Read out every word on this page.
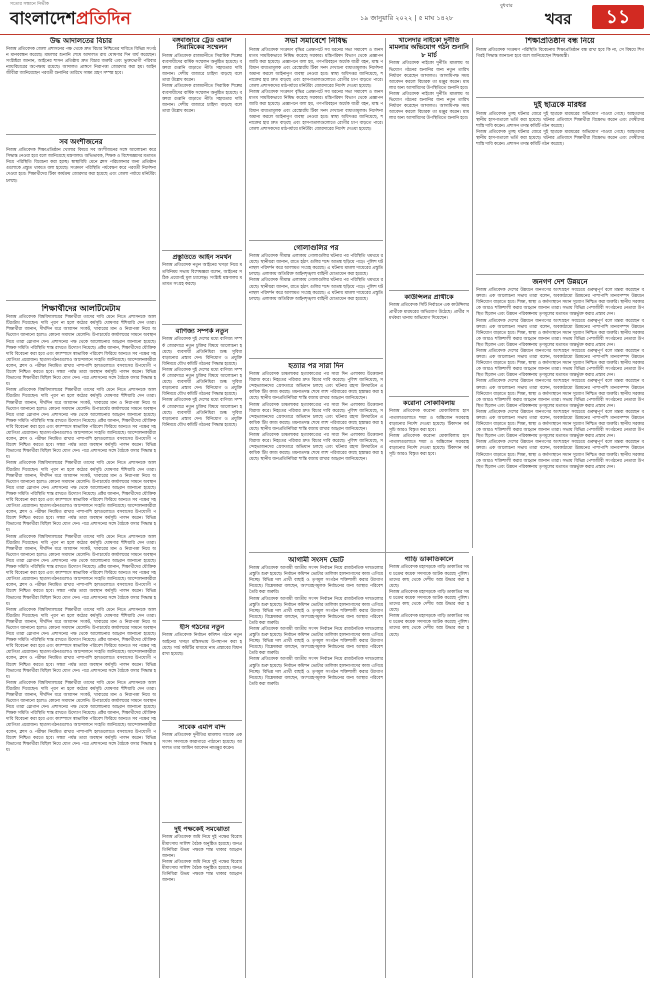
সত্যের সন্ধানে নির্ভীক
বাংলাদেশপ্রতিদিন
বুধবার
১৯ জানুয়ারি ২০২২ | ৫ মাঘ ১৪২৮	খবর	১১
উদ্ধ আদালতের বিচার
নিজস্ব প্রতিবেদক জেলা প্রশাসনের পক্ষ থেকে দ্রুত বিচার নিশ্চিতের দাবিতে বিভিন্ন সংগঠন মানববন্ধন করেছে। মামলার শুনানি শেষে আদালত রায় ঘোষণার দিন ধার্য করেছেন। সংশ্লিষ্টরা জানান, আইনের শাসন প্রতিষ্ঠায় দ্রুত বিচার জরুরি এবং ভুক্তভোগী পরিবার ন্যায়বিচারের অপেক্ষায় রয়েছে। আদালত প্রাঙ্গণে নিরাপত্তা জোরদার করা হয়। আইনজীবীরা জানিয়েছেন পরবর্তী শুনানির তারিখে সাক্ষ্য গ্রহণ সম্পন্ন হবে।
সব অংশীজনের
নিজস্ব প্রতিবেদক শিক্ষাপ্রতিষ্ঠান খোলার বিষয়ে সব অংশীজনের সঙ্গে আলোচনা করে সিদ্ধান্ত নেওয়া হবে বলে জানিয়েছে মন্ত্রণালয়। অভিভাবক, শিক্ষক ও বিশেষজ্ঞদের মতামত নিয়ে পরিস্থিতি বিবেচনা করা হচ্ছে। স্বাস্থ্যবিধি মেনে ক্লাস পরিচালনার জন্য প্রতিষ্ঠানগুলোকে প্রস্তুত থাকতে বলা হয়েছে। সংক্রমণ পরিস্থিতি পর্যবেক্ষণ করে পরবর্তী নির্দেশনা দেওয়া হবে। শিক্ষার্থীদের টিকা কার্যক্রম জোরদার করা হয়েছে এবং জেলা পর্যায়ে মনিটরিং চলছে।
শিক্ষার্থীদের আলটিমেটাম
নিজস্ব প্রতিবেদক বিশ্ববিদ্যালয়ের শিক্ষার্থীরা তাদের দাবি মেনে নিতে প্রশাসনকে আলটিমেটাম দিয়েছেন। দাবি পূরণ না হলে কঠোর কর্মসূচি ঘোষণার হুঁশিয়ারি দেন তারা। শিক্ষার্থীরা জানান, দীর্ঘদিন ধরে আবাসন সংকট, খাবারের মান ও নিরাপত্তা নিয়ে অভিযোগ জানানো হলেও কোনো সমাধান মেলেনি। উপাচার্যের কার্যালয়ের সামনে অবস্থান নিয়ে তারা স্লোগান দেন। প্রশাসনের পক্ষ থেকে আলোচনার আহ্বান জানানো হয়েছে। শিক্ষক সমিতি পরিস্থিতি শান্ত রাখতে উদ্যোগ নিয়েছে। প্রক্টর জানান, শিক্ষার্থীদের যৌক্তিক দাবি বিবেচনা করা হবে এবং ক্যাম্পাসে স্বাভাবিক পরিবেশ ফিরিয়ে আনতে সব পক্ষের সহযোগিতা প্রয়োজন। ছাত্রসংগঠনগুলোও আন্দোলনে সংহতি জানিয়েছে। আন্দোলনকারীরা বলেন, ক্লাস ও পরীক্ষা নিয়মিত রাখার পাশাপাশি হলগুলোতে বসবাসের উপযোগী পরিবেশ নিশ্চিত করতে হবে। সন্ধ্যা পর্যন্ত তারা অবস্থান কর্মসূচি পালন করেন। বিভিন্ন বিভাগের শিক্ষার্থীরা মিছিল নিয়ে যোগ দেন। পরে প্রশাসনের সঙ্গে বৈঠকে বসার সিদ্ধান্ত হয়।
নিজস্ব প্রতিবেদক বিশ্ববিদ্যালয়ের শিক্ষার্থীরা তাদের দাবি মেনে নিতে প্রশাসনকে আলটিমেটাম দিয়েছেন। দাবি পূরণ না হলে কঠোর কর্মসূচি ঘোষণার হুঁশিয়ারি দেন তারা। শিক্ষার্থীরা জানান, দীর্ঘদিন ধরে আবাসন সংকট, খাবারের মান ও নিরাপত্তা নিয়ে অভিযোগ জানানো হলেও কোনো সমাধান মেলেনি। উপাচার্যের কার্যালয়ের সামনে অবস্থান নিয়ে তারা স্লোগান দেন। প্রশাসনের পক্ষ থেকে আলোচনার আহ্বান জানানো হয়েছে। শিক্ষক সমিতি পরিস্থিতি শান্ত রাখতে উদ্যোগ নিয়েছে। প্রক্টর জানান, শিক্ষার্থীদের যৌক্তিক দাবি বিবেচনা করা হবে এবং ক্যাম্পাসে স্বাভাবিক পরিবেশ ফিরিয়ে আনতে সব পক্ষের সহযোগিতা প্রয়োজন। ছাত্রসংগঠনগুলোও আন্দোলনে সংহতি জানিয়েছে। আন্দোলনকারীরা বলেন, ক্লাস ও পরীক্ষা নিয়মিত রাখার পাশাপাশি হলগুলোতে বসবাসের উপযোগী পরিবেশ নিশ্চিত করতে হবে। সন্ধ্যা পর্যন্ত তারা অবস্থান কর্মসূচি পালন করেন। বিভিন্ন বিভাগের শিক্ষার্থীরা মিছিল নিয়ে যোগ দেন। পরে প্রশাসনের সঙ্গে বৈঠকে বসার সিদ্ধান্ত হয়।
নিজস্ব প্রতিবেদক বিশ্ববিদ্যালয়ের শিক্ষার্থীরা তাদের দাবি মেনে নিতে প্রশাসনকে আলটিমেটাম দিয়েছেন। দাবি পূরণ না হলে কঠোর কর্মসূচি ঘোষণার হুঁশিয়ারি দেন তারা। শিক্ষার্থীরা জানান, দীর্ঘদিন ধরে আবাসন সংকট, খাবারের মান ও নিরাপত্তা নিয়ে অভিযোগ জানানো হলেও কোনো সমাধান মেলেনি। উপাচার্যের কার্যালয়ের সামনে অবস্থান নিয়ে তারা স্লোগান দেন। প্রশাসনের পক্ষ থেকে আলোচনার আহ্বান জানানো হয়েছে। শিক্ষক সমিতি পরিস্থিতি শান্ত রাখতে উদ্যোগ নিয়েছে। প্রক্টর জানান, শিক্ষার্থীদের যৌক্তিক দাবি বিবেচনা করা হবে এবং ক্যাম্পাসে স্বাভাবিক পরিবেশ ফিরিয়ে আনতে সব পক্ষের সহযোগিতা প্রয়োজন। ছাত্রসংগঠনগুলোও আন্দোলনে সংহতি জানিয়েছে। আন্দোলনকারীরা বলেন, ক্লাস ও পরীক্ষা নিয়মিত রাখার পাশাপাশি হলগুলোতে বসবাসের উপযোগী পরিবেশ নিশ্চিত করতে হবে। সন্ধ্যা পর্যন্ত তারা অবস্থান কর্মসূচি পালন করেন। বিভিন্ন বিভাগের শিক্ষার্থীরা মিছিল নিয়ে যোগ দেন। পরে প্রশাসনের সঙ্গে বৈঠকে বসার সিদ্ধান্ত হয়।
নিজস্ব প্রতিবেদক বিশ্ববিদ্যালয়ের শিক্ষার্থীরা তাদের দাবি মেনে নিতে প্রশাসনকে আলটিমেটাম দিয়েছেন। দাবি পূরণ না হলে কঠোর কর্মসূচি ঘোষণার হুঁশিয়ারি দেন তারা। শিক্ষার্থীরা জানান, দীর্ঘদিন ধরে আবাসন সংকট, খাবারের মান ও নিরাপত্তা নিয়ে অভিযোগ জানানো হলেও কোনো সমাধান মেলেনি। উপাচার্যের কার্যালয়ের সামনে অবস্থান নিয়ে তারা স্লোগান দেন। প্রশাসনের পক্ষ থেকে আলোচনার আহ্বান জানানো হয়েছে। শিক্ষক সমিতি পরিস্থিতি শান্ত রাখতে উদ্যোগ নিয়েছে। প্রক্টর জানান, শিক্ষার্থীদের যৌক্তিক দাবি বিবেচনা করা হবে এবং ক্যাম্পাসে স্বাভাবিক পরিবেশ ফিরিয়ে আনতে সব পক্ষের সহযোগিতা প্রয়োজন। ছাত্রসংগঠনগুলোও আন্দোলনে সংহতি জানিয়েছে। আন্দোলনকারীরা বলেন, ক্লাস ও পরীক্ষা নিয়মিত রাখার পাশাপাশি হলগুলোতে বসবাসের উপযোগী পরিবেশ নিশ্চিত করতে হবে। সন্ধ্যা পর্যন্ত তারা অবস্থান কর্মসূচি পালন করেন। বিভিন্ন বিভাগের শিক্ষার্থীরা মিছিল নিয়ে যোগ দেন। পরে প্রশাসনের সঙ্গে বৈঠকে বসার সিদ্ধান্ত হয়।
নিজস্ব প্রতিবেদক বিশ্ববিদ্যালয়ের শিক্ষার্থীরা তাদের দাবি মেনে নিতে প্রশাসনকে আলটিমেটাম দিয়েছেন। দাবি পূরণ না হলে কঠোর কর্মসূচি ঘোষণার হুঁশিয়ারি দেন তারা। শিক্ষার্থীরা জানান, দীর্ঘদিন ধরে আবাসন সংকট, খাবারের মান ও নিরাপত্তা নিয়ে অভিযোগ জানানো হলেও কোনো সমাধান মেলেনি। উপাচার্যের কার্যালয়ের সামনে অবস্থান নিয়ে তারা স্লোগান দেন। প্রশাসনের পক্ষ থেকে আলোচনার আহ্বান জানানো হয়েছে। শিক্ষক সমিতি পরিস্থিতি শান্ত রাখতে উদ্যোগ নিয়েছে। প্রক্টর জানান, শিক্ষার্থীদের যৌক্তিক দাবি বিবেচনা করা হবে এবং ক্যাম্পাসে স্বাভাবিক পরিবেশ ফিরিয়ে আনতে সব পক্ষের সহযোগিতা প্রয়োজন। ছাত্রসংগঠনগুলোও আন্দোলনে সংহতি জানিয়েছে। আন্দোলনকারীরা বলেন, ক্লাস ও পরীক্ষা নিয়মিত রাখার পাশাপাশি হলগুলোতে বসবাসের উপযোগী পরিবেশ নিশ্চিত করতে হবে। সন্ধ্যা পর্যন্ত তারা অবস্থান কর্মসূচি পালন করেন। বিভিন্ন বিভাগের শিক্ষার্থীরা মিছিল নিয়ে যোগ দেন। পরে প্রশাসনের সঙ্গে বৈঠকে বসার সিদ্ধান্ত হয়।
নিজস্ব প্রতিবেদক বিশ্ববিদ্যালয়ের শিক্ষার্থীরা তাদের দাবি মেনে নিতে প্রশাসনকে আলটিমেটাম দিয়েছেন। দাবি পূরণ না হলে কঠোর কর্মসূচি ঘোষণার হুঁশিয়ারি দেন তারা। শিক্ষার্থীরা জানান, দীর্ঘদিন ধরে আবাসন সংকট, খাবারের মান ও নিরাপত্তা নিয়ে অভিযোগ জানানো হলেও কোনো সমাধান মেলেনি। উপাচার্যের কার্যালয়ের সামনে অবস্থান নিয়ে তারা স্লোগান দেন। প্রশাসনের পক্ষ থেকে আলোচনার আহ্বান জানানো হয়েছে। শিক্ষক সমিতি পরিস্থিতি শান্ত রাখতে উদ্যোগ নিয়েছে। প্রক্টর জানান, শিক্ষার্থীদের যৌক্তিক দাবি বিবেচনা করা হবে এবং ক্যাম্পাসে স্বাভাবিক পরিবেশ ফিরিয়ে আনতে সব পক্ষের সহযোগিতা প্রয়োজন। ছাত্রসংগঠনগুলোও আন্দোলনে সংহতি জানিয়েছে। আন্দোলনকারীরা বলেন, ক্লাস ও পরীক্ষা নিয়মিত রাখার পাশাপাশি হলগুলোতে বসবাসের উপযোগী পরিবেশ নিশ্চিত করতে হবে। সন্ধ্যা পর্যন্ত তারা অবস্থান কর্মসূচি পালন করেন। বিভিন্ন বিভাগের শিক্ষার্থীরা মিছিল নিয়ে যোগ দেন। পরে প্রশাসনের সঙ্গে বৈঠকে বসার সিদ্ধান্ত হয়।
বঙ্গবাজারে ট্রেড ওয়াল সিরামিকের সম্মেলন
নিজস্ব প্রতিবেদক রাজধানীতে সিরামিক শিল্পের ব্যবসায়ীদের বার্ষিক সম্মেলন অনুষ্ঠিত হয়েছে। বক্তারা রপ্তানি বাড়াতে নীতি সহায়তার দাবি জানান। দেশীয় বাজারে চাহিদা বাড়ছে বলে তারা উল্লেখ করেন।
নিজস্ব প্রতিবেদক রাজধানীতে সিরামিক শিল্পের ব্যবসায়ীদের বার্ষিক সম্মেলন অনুষ্ঠিত হয়েছে। বক্তারা রপ্তানি বাড়াতে নীতি সহায়তার দাবি জানান। দেশীয় বাজারে চাহিদা বাড়ছে বলে তারা উল্লেখ করেন।
প্রস্তুতিতে আইন সমর্থন
নিজস্ব প্রতিবেদক নতুন আইনের খসড়া নিয়ে মতবিনিময় সভায় বিশেষজ্ঞরা বলেন, আইনের সঠিক প্রয়োগই মূল চ্যালেঞ্জ। সংশ্লিষ্ট মন্ত্রণালয় মতামত সংগ্রহ করছে।
বাণিজ্য সম্পর্ক নতুন
নিজস্ব প্রতিবেদক দুই দেশের মধ্যে বাণিজ্য সম্পর্ক জোরদারে নতুন চুক্তির বিষয়ে আলোচনা হয়েছে। ব্যবসায়ী প্রতিনিধিরা শুল্ক সুবিধা বাড়ানোর প্রস্তাব দেন। বিনিয়োগ ও প্রযুক্তি বিনিময়ে যৌথ কমিটি গঠনের সিদ্ধান্ত হয়েছে।
নিজস্ব প্রতিবেদক দুই দেশের মধ্যে বাণিজ্য সম্পর্ক জোরদারে নতুন চুক্তির বিষয়ে আলোচনা হয়েছে। ব্যবসায়ী প্রতিনিধিরা শুল্ক সুবিধা বাড়ানোর প্রস্তাব দেন। বিনিয়োগ ও প্রযুক্তি বিনিময়ে যৌথ কমিটি গঠনের সিদ্ধান্ত হয়েছে।
নিজস্ব প্রতিবেদক দুই দেশের মধ্যে বাণিজ্য সম্পর্ক জোরদারে নতুন চুক্তির বিষয়ে আলোচনা হয়েছে। ব্যবসায়ী প্রতিনিধিরা শুল্ক সুবিধা বাড়ানোর প্রস্তাব দেন। বিনিয়োগ ও প্রযুক্তি বিনিময়ে যৌথ কমিটি গঠনের সিদ্ধান্ত হয়েছে।
সভা সমাবেশে নিষিদ্ধ
নিজস্ব প্রতিবেদক সংক্রমণ বৃদ্ধির প্রেক্ষাপটে সব ধরনের সভা সমাবেশ ও জনসমাগম সাময়িকভাবে নিষিদ্ধ করেছে সরকার। মন্ত্রিপরিষদ বিভাগ থেকে প্রজ্ঞাপন জারি করা হয়েছে। প্রজ্ঞাপনে বলা হয়, গণপরিবহনে অর্ধেক যাত্রী বহন, মাস্ক পরিধান বাধ্যতামূলক এবং রেস্তোরাঁয় টিকা সনদ দেখানো বাধ্যতামূলক। নির্দেশনা অমান্য করলে আইনানুগ ব্যবস্থা নেওয়া হবে। স্বাস্থ্য অধিদপ্তর জানিয়েছে, শনাক্তের হার দ্রুত বাড়ছে এবং হাসপাতালগুলোতে রোগীর চাপ বাড়তে পারে। জেলা প্রশাসকদের মাঠপর্যায়ে মনিটরিং জোরদারের নির্দেশ দেওয়া হয়েছে।
নিজস্ব প্রতিবেদক সংক্রমণ বৃদ্ধির প্রেক্ষাপটে সব ধরনের সভা সমাবেশ ও জনসমাগম সাময়িকভাবে নিষিদ্ধ করেছে সরকার। মন্ত্রিপরিষদ বিভাগ থেকে প্রজ্ঞাপন জারি করা হয়েছে। প্রজ্ঞাপনে বলা হয়, গণপরিবহনে অর্ধেক যাত্রী বহন, মাস্ক পরিধান বাধ্যতামূলক এবং রেস্তোরাঁয় টিকা সনদ দেখানো বাধ্যতামূলক। নির্দেশনা অমান্য করলে আইনানুগ ব্যবস্থা নেওয়া হবে। স্বাস্থ্য অধিদপ্তর জানিয়েছে, শনাক্তের হার দ্রুত বাড়ছে এবং হাসপাতালগুলোতে রোগীর চাপ বাড়তে পারে। জেলা প্রশাসকদের মাঠপর্যায়ে মনিটরিং জোরদারের নির্দেশ দেওয়া হয়েছে।
গোলাগুলির পর
নিজস্ব প্রতিবেদক সীমান্ত এলাকায় গোলাগুলির ঘটনার পর পরিস্থিতি থমথমে রয়েছে। স্থানীয়রা জানান, রাতে হঠাৎ গুলির শব্দে আতঙ্ক ছড়িয়ে পড়ে। পুলিশ ঘটনাস্থল পরিদর্শন করে আলামত সংগ্রহ করেছে। এ ঘটনায় মামলা দায়েরের প্রস্তুতি চলছে। এলাকায় অতিরিক্ত আইনশৃঙ্খলা বাহিনী মোতায়েন করা হয়েছে।
নিজস্ব প্রতিবেদক সীমান্ত এলাকায় গোলাগুলির ঘটনার পর পরিস্থিতি থমথমে রয়েছে। স্থানীয়রা জানান, রাতে হঠাৎ গুলির শব্দে আতঙ্ক ছড়িয়ে পড়ে। পুলিশ ঘটনাস্থল পরিদর্শন করে আলামত সংগ্রহ করেছে। এ ঘটনায় মামলা দায়েরের প্রস্তুতি চলছে। এলাকায় অতিরিক্ত আইনশৃঙ্খলা বাহিনী মোতায়েন করা হয়েছে।
হত্যার পর সারা দিন
নিজস্ব প্রতিবেদক চাঞ্চল্যকর হত্যাকাণ্ডের পর সারা দিন এলাকায় উত্তেজনা বিরাজ করে। নিহতের পরিবার দ্রুত বিচার দাবি করেছে। পুলিশ জানিয়েছে, সন্দেহভাজনদের গ্রেফতারে অভিযান চলছে এবং ঘটনার রহস্য উদঘাটনে একাধিক টিম কাজ করছে। ময়নাতদন্ত শেষে লাশ পরিবারের কাছে হস্তান্তর করা হয়েছে। স্থানীয় জনপ্রতিনিধিরা শান্তি বজায় রাখার আহ্বান জানিয়েছেন।
নিজস্ব প্রতিবেদক চাঞ্চল্যকর হত্যাকাণ্ডের পর সারা দিন এলাকায় উত্তেজনা বিরাজ করে। নিহতের পরিবার দ্রুত বিচার দাবি করেছে। পুলিশ জানিয়েছে, সন্দেহভাজনদের গ্রেফতারে অভিযান চলছে এবং ঘটনার রহস্য উদঘাটনে একাধিক টিম কাজ করছে। ময়নাতদন্ত শেষে লাশ পরিবারের কাছে হস্তান্তর করা হয়েছে। স্থানীয় জনপ্রতিনিধিরা শান্তি বজায় রাখার আহ্বান জানিয়েছেন।
নিজস্ব প্রতিবেদক চাঞ্চল্যকর হত্যাকাণ্ডের পর সারা দিন এলাকায় উত্তেজনা বিরাজ করে। নিহতের পরিবার দ্রুত বিচার দাবি করেছে। পুলিশ জানিয়েছে, সন্দেহভাজনদের গ্রেফতারে অভিযান চলছে এবং ঘটনার রহস্য উদঘাটনে একাধিক টিম কাজ করছে। ময়নাতদন্ত শেষে লাশ পরিবারের কাছে হস্তান্তর করা হয়েছে। স্থানীয় জনপ্রতিনিধিরা শান্তি বজায় রাখার আহ্বান জানিয়েছেন।
ইসি গঠনের নতুন
নিজস্ব প্রতিবেদক নির্বাচন কমিশন গঠনে নতুন আইনের খসড়া মন্ত্রিসভায় উপস্থাপন করা হয়েছে। সার্চ কমিটির মাধ্যমে নাম প্রস্তাবের বিধান রাখা হয়েছে।
সাবেক এমপি বন্দি
নিজস্ব প্রতিবেদক দুর্নীতির মামলায় সাবেক এক সংসদ সদস্যকে কারাগারে পাঠানো হয়েছে। আদালত তার জামিন আবেদন নামঞ্জুর করেন।
দুই পক্ষকেই সমঝোতা
নিজস্ব প্রতিবেদক জমি নিয়ে দুই পক্ষের বিরোধ মীমাংসায় সালিশ বৈঠক অনুষ্ঠিত হয়েছে। জনপ্রতিনিধিরা উভয় পক্ষকে শান্ত থাকার আহ্বান জানান।
নিজস্ব প্রতিবেদক জমি নিয়ে দুই পক্ষের বিরোধ মীমাংসায় সালিশ বৈঠক অনুষ্ঠিত হয়েছে। জনপ্রতিনিধিরা উভয় পক্ষকে শান্ত থাকার আহ্বান জানান।
আগামী সংসদ ভোট
নিজস্ব প্রতিবেদক আগামী জাতীয় সংসদ নির্বাচন নিয়ে রাজনৈতিক দলগুলোর প্রস্তুতি শুরু হয়েছে। নির্বাচন কমিশন ভোটার তালিকা হালনাগাদের কাজ এগিয়ে নিচ্ছে। বিভিন্ন দল প্রার্থী বাছাই ও তৃণমূল সংগঠন শক্তিশালী করার উদ্যোগ নিয়েছে। বিশ্লেষকরা বলছেন, অংশগ্রহণমূলক নির্বাচনের জন্য আস্থার পরিবেশ তৈরি করা জরুরি।
নিজস্ব প্রতিবেদক আগামী জাতীয় সংসদ নির্বাচন নিয়ে রাজনৈতিক দলগুলোর প্রস্তুতি শুরু হয়েছে। নির্বাচন কমিশন ভোটার তালিকা হালনাগাদের কাজ এগিয়ে নিচ্ছে। বিভিন্ন দল প্রার্থী বাছাই ও তৃণমূল সংগঠন শক্তিশালী করার উদ্যোগ নিয়েছে। বিশ্লেষকরা বলছেন, অংশগ্রহণমূলক নির্বাচনের জন্য আস্থার পরিবেশ তৈরি করা জরুরি।
নিজস্ব প্রতিবেদক আগামী জাতীয় সংসদ নির্বাচন নিয়ে রাজনৈতিক দলগুলোর প্রস্তুতি শুরু হয়েছে। নির্বাচন কমিশন ভোটার তালিকা হালনাগাদের কাজ এগিয়ে নিচ্ছে। বিভিন্ন দল প্রার্থী বাছাই ও তৃণমূল সংগঠন শক্তিশালী করার উদ্যোগ নিয়েছে। বিশ্লেষকরা বলছেন, অংশগ্রহণমূলক নির্বাচনের জন্য আস্থার পরিবেশ তৈরি করা জরুরি।
নিজস্ব প্রতিবেদক আগামী জাতীয় সংসদ নির্বাচন নিয়ে রাজনৈতিক দলগুলোর প্রস্তুতি শুরু হয়েছে। নির্বাচন কমিশন ভোটার তালিকা হালনাগাদের কাজ এগিয়ে নিচ্ছে। বিভিন্ন দল প্রার্থী বাছাই ও তৃণমূল সংগঠন শক্তিশালী করার উদ্যোগ নিয়েছে। বিশ্লেষকরা বলছেন, অংশগ্রহণমূলক নির্বাচনের জন্য আস্থার পরিবেশ তৈরি করা জরুরি।
খালেদার নাইকো দুর্নীতি মামলার অভিযোগ গঠন শুনানি ৮ মার্চ
নিজস্ব প্রতিবেদক নাইকো দুর্নীতি মামলায় অভিযোগ গঠনের শুনানির জন্য নতুন তারিখ নির্ধারণ করেছেন আদালত। আসামিপক্ষ সময় আবেদন করলে বিচারক তা মঞ্জুর করেন। মামলার অন্য আসামিদের উপস্থিতিতে শুনানি হবে।
নিজস্ব প্রতিবেদক নাইকো দুর্নীতি মামলায় অভিযোগ গঠনের শুনানির জন্য নতুন তারিখ নির্ধারণ করেছেন আদালত। আসামিপক্ষ সময় আবেদন করলে বিচারক তা মঞ্জুর করেন। মামলার অন্য আসামিদের উপস্থিতিতে শুনানি হবে।
কাউন্সিলর প্রার্থীকে
নিজস্ব প্রতিবেদক সিটি নির্বাচনে এক কাউন্সিলর প্রার্থীকে মারধরের অভিযোগ উঠেছে। প্রার্থীর সমর্থকরা থানায় অভিযোগ দিয়েছেন।
করোনা সোকাবিলায়
নিজস্ব প্রতিবেদক করোনা মোকাবিলায় হাসপাতালগুলোতে শয্যা ও অক্সিজেন সরবরাহ বাড়ানোর নির্দেশ দেওয়া হয়েছে। টিকাদান কর্মসূচি আরও বিস্তৃত করা হবে।
নিজস্ব প্রতিবেদক করোনা মোকাবিলায় হাসপাতালগুলোতে শয্যা ও অক্সিজেন সরবরাহ বাড়ানোর নির্দেশ দেওয়া হয়েছে। টিকাদান কর্মসূচি আরও বিস্তৃত করা হবে।
গাড়ি ডাকাতিকালে
নিজস্ব প্রতিবেদক মহাসড়কে গাড়ি ডাকাতির সময় চক্রের কয়েক সদস্যকে আটক করেছে পুলিশ। তাদের কাছ থেকে দেশীয় অস্ত্র উদ্ধার করা হয়েছে।
নিজস্ব প্রতিবেদক মহাসড়কে গাড়ি ডাকাতির সময় চক্রের কয়েক সদস্যকে আটক করেছে পুলিশ। তাদের কাছ থেকে দেশীয় অস্ত্র উদ্ধার করা হয়েছে।
নিজস্ব প্রতিবেদক মহাসড়কে গাড়ি ডাকাতির সময় চক্রের কয়েক সদস্যকে আটক করেছে পুলিশ। তাদের কাছ থেকে দেশীয় অস্ত্র উদ্ধার করা হয়েছে।
শিক্ষাপ্রতিষ্ঠান বন্ধ নিয়ে
নিজস্ব প্রতিবেদক সংক্রমণ পরিস্থিতি বিবেচনায় শিক্ষাপ্রতিষ্ঠান বন্ধ রাখা হবে কি না, সে বিষয়ে শিগগিরই সিদ্ধান্ত জানানো হবে বলে জানিয়েছেন শিক্ষামন্ত্রী।
দুই ছাত্রকে মারধর
নিজস্ব প্রতিবেদক তুচ্ছ ঘটনার জেরে দুই ছাত্রকে মারধরের অভিযোগ পাওয়া গেছে। আহতদের স্থানীয় হাসপাতালে ভর্তি করা হয়েছে। ঘটনার প্রতিবাদে শিক্ষার্থীরা বিক্ষোভ করেন এবং দোষীদের শাস্তি দাবি করেন। প্রশাসন তদন্ত কমিটি গঠন করেছে।
নিজস্ব প্রতিবেদক তুচ্ছ ঘটনার জেরে দুই ছাত্রকে মারধরের অভিযোগ পাওয়া গেছে। আহতদের স্থানীয় হাসপাতালে ভর্তি করা হয়েছে। ঘটনার প্রতিবাদে শিক্ষার্থীরা বিক্ষোভ করেন এবং দোষীদের শাস্তি দাবি করেন। প্রশাসন তদন্ত কমিটি গঠন করেছে।
জনগণ দেশ উন্নয়নে
নিজস্ব প্রতিবেদক দেশের উন্নয়নে জনগণের অংশগ্রহণ সবচেয়ে গুরুত্বপূর্ণ বলে মন্তব্য করেছেন বক্তারা। এক আলোচনা সভায় তারা বলেন, অবকাঠামো উন্নয়নের পাশাপাশি মানবসম্পদ উন্নয়নে বিনিয়োগ বাড়াতে হবে। শিক্ষা, স্বাস্থ্য ও কর্মসংস্থানে সমান সুযোগ নিশ্চিত করা জরুরি। স্থানীয় সরকারকে আরও শক্তিশালী করার আহ্বান জানান তারা। সভায় বিভিন্ন পেশাজীবী সংগঠনের নেতারা উপস্থিত ছিলেন এবং উন্নয়ন পরিকল্পনায় তৃণমূলের মতামত অন্তর্ভুক্ত করার প্রস্তাব দেন।
নিজস্ব প্রতিবেদক দেশের উন্নয়নে জনগণের অংশগ্রহণ সবচেয়ে গুরুত্বপূর্ণ বলে মন্তব্য করেছেন বক্তারা। এক আলোচনা সভায় তারা বলেন, অবকাঠামো উন্নয়নের পাশাপাশি মানবসম্পদ উন্নয়নে বিনিয়োগ বাড়াতে হবে। শিক্ষা, স্বাস্থ্য ও কর্মসংস্থানে সমান সুযোগ নিশ্চিত করা জরুরি। স্থানীয় সরকারকে আরও শক্তিশালী করার আহ্বান জানান তারা। সভায় বিভিন্ন পেশাজীবী সংগঠনের নেতারা উপস্থিত ছিলেন এবং উন্নয়ন পরিকল্পনায় তৃণমূলের মতামত অন্তর্ভুক্ত করার প্রস্তাব দেন।
নিজস্ব প্রতিবেদক দেশের উন্নয়নে জনগণের অংশগ্রহণ সবচেয়ে গুরুত্বপূর্ণ বলে মন্তব্য করেছেন বক্তারা। এক আলোচনা সভায় তারা বলেন, অবকাঠামো উন্নয়নের পাশাপাশি মানবসম্পদ উন্নয়নে বিনিয়োগ বাড়াতে হবে। শিক্ষা, স্বাস্থ্য ও কর্মসংস্থানে সমান সুযোগ নিশ্চিত করা জরুরি। স্থানীয় সরকারকে আরও শক্তিশালী করার আহ্বান জানান তারা। সভায় বিভিন্ন পেশাজীবী সংগঠনের নেতারা উপস্থিত ছিলেন এবং উন্নয়ন পরিকল্পনায় তৃণমূলের মতামত অন্তর্ভুক্ত করার প্রস্তাব দেন।
নিজস্ব প্রতিবেদক দেশের উন্নয়নে জনগণের অংশগ্রহণ সবচেয়ে গুরুত্বপূর্ণ বলে মন্তব্য করেছেন বক্তারা। এক আলোচনা সভায় তারা বলেন, অবকাঠামো উন্নয়নের পাশাপাশি মানবসম্পদ উন্নয়নে বিনিয়োগ বাড়াতে হবে। শিক্ষা, স্বাস্থ্য ও কর্মসংস্থানে সমান সুযোগ নিশ্চিত করা জরুরি। স্থানীয় সরকারকে আরও শক্তিশালী করার আহ্বান জানান তারা। সভায় বিভিন্ন পেশাজীবী সংগঠনের নেতারা উপস্থিত ছিলেন এবং উন্নয়ন পরিকল্পনায় তৃণমূলের মতামত অন্তর্ভুক্ত করার প্রস্তাব দেন।
নিজস্ব প্রতিবেদক দেশের উন্নয়নে জনগণের অংশগ্রহণ সবচেয়ে গুরুত্বপূর্ণ বলে মন্তব্য করেছেন বক্তারা। এক আলোচনা সভায় তারা বলেন, অবকাঠামো উন্নয়নের পাশাপাশি মানবসম্পদ উন্নয়নে বিনিয়োগ বাড়াতে হবে। শিক্ষা, স্বাস্থ্য ও কর্মসংস্থানে সমান সুযোগ নিশ্চিত করা জরুরি। স্থানীয় সরকারকে আরও শক্তিশালী করার আহ্বান জানান তারা। সভায় বিভিন্ন পেশাজীবী সংগঠনের নেতারা উপস্থিত ছিলেন এবং উন্নয়ন পরিকল্পনায় তৃণমূলের মতামত অন্তর্ভুক্ত করার প্রস্তাব দেন।
নিজস্ব প্রতিবেদক দেশের উন্নয়নে জনগণের অংশগ্রহণ সবচেয়ে গুরুত্বপূর্ণ বলে মন্তব্য করেছেন বক্তারা। এক আলোচনা সভায় তারা বলেন, অবকাঠামো উন্নয়নের পাশাপাশি মানবসম্পদ উন্নয়নে বিনিয়োগ বাড়াতে হবে। শিক্ষা, স্বাস্থ্য ও কর্মসংস্থানে সমান সুযোগ নিশ্চিত করা জরুরি। স্থানীয় সরকারকে আরও শক্তিশালী করার আহ্বান জানান তারা। সভায় বিভিন্ন পেশাজীবী সংগঠনের নেতারা উপস্থিত ছিলেন এবং উন্নয়ন পরিকল্পনায় তৃণমূলের মতামত অন্তর্ভুক্ত করার প্রস্তাব দেন।
